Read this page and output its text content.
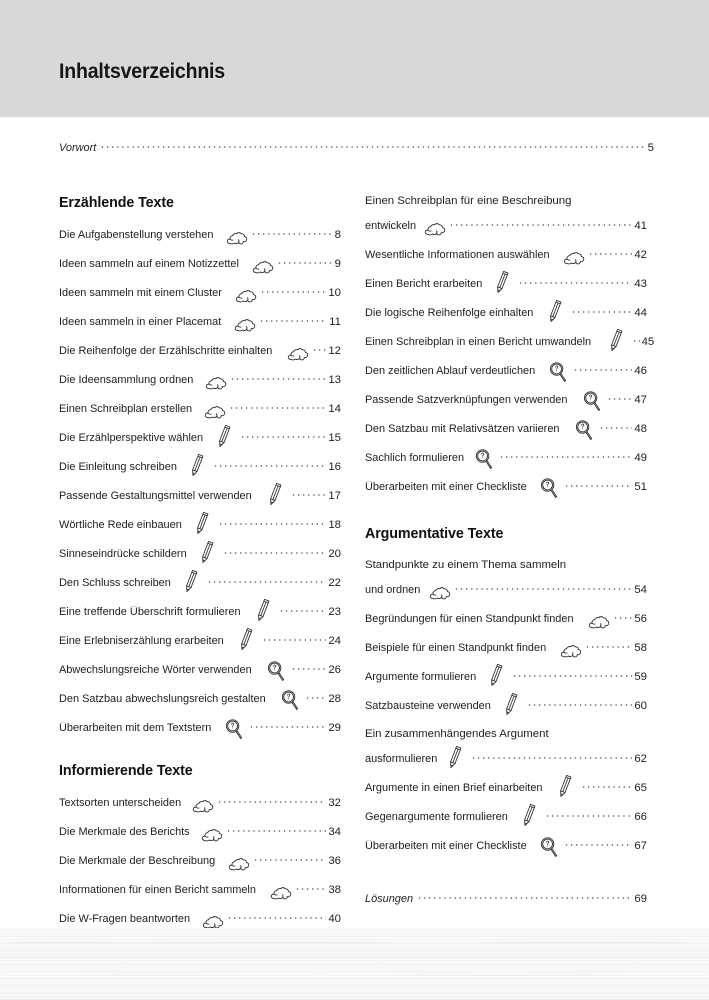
Inhaltsverzeichnis
Vorwort	5
Erzählende Texte
Die Aufgabenstellung verstehen	8
Ideen sammeln auf einem Notizzettel	9
Ideen sammeln mit einem Cluster	10
Ideen sammeln in einer Placemat	11
Die Reihenfolge der Erzählschritte einhalten	12
Die Ideensammlung ordnen	13
Einen Schreibplan erstellen	14
Die Erzählperspektive wählen	15
Die Einleitung schreiben	16
Passende Gestaltungsmittel verwenden	17
Wörtliche Rede einbauen	18
Sinneseindrücke schildern	20
Den Schluss schreiben	22
Eine treffende Überschrift formulieren	23
Eine Erlebniserzählung erarbeiten	24
Abwechslungsreiche Wörter verwenden	26
Den Satzbau abwechslungsreich gestalten	28
Überarbeiten mit dem Textstern	29
Informierende Texte
Textsorten unterscheiden	32
Die Merkmale des Berichts	34
Die Merkmale der Beschreibung	36
Informationen für einen Bericht sammeln	38
Die W-Fragen beantworten	40
Einen Schreibplan für eine Beschreibung
entwickeln	41
Wesentliche Informationen auswählen	42
Einen Bericht erarbeiten	43
Die logische Reihenfolge einhalten	44
Einen Schreibplan in einen Bericht umwandeln	45
Den zeitlichen Ablauf verdeutlichen	46
Passende Satzverknüpfungen verwenden	47
Den Satzbau mit Relativsätzen variieren	48
Sachlich formulieren	49
Überarbeiten mit einer Checkliste	51
Argumentative Texte
Standpunkte zu einem Thema sammeln
und ordnen	54
Begründungen für einen Standpunkt finden	56
Beispiele für einen Standpunkt finden	58
Argumente formulieren	59
Satzbausteine verwenden	60
Ein zusammenhängendes Argument
ausformulieren	62
Argumente in einen Brief einarbeiten	65
Gegenargumente formulieren	66
Überarbeiten mit einer Checkliste	67
Lösungen	69
